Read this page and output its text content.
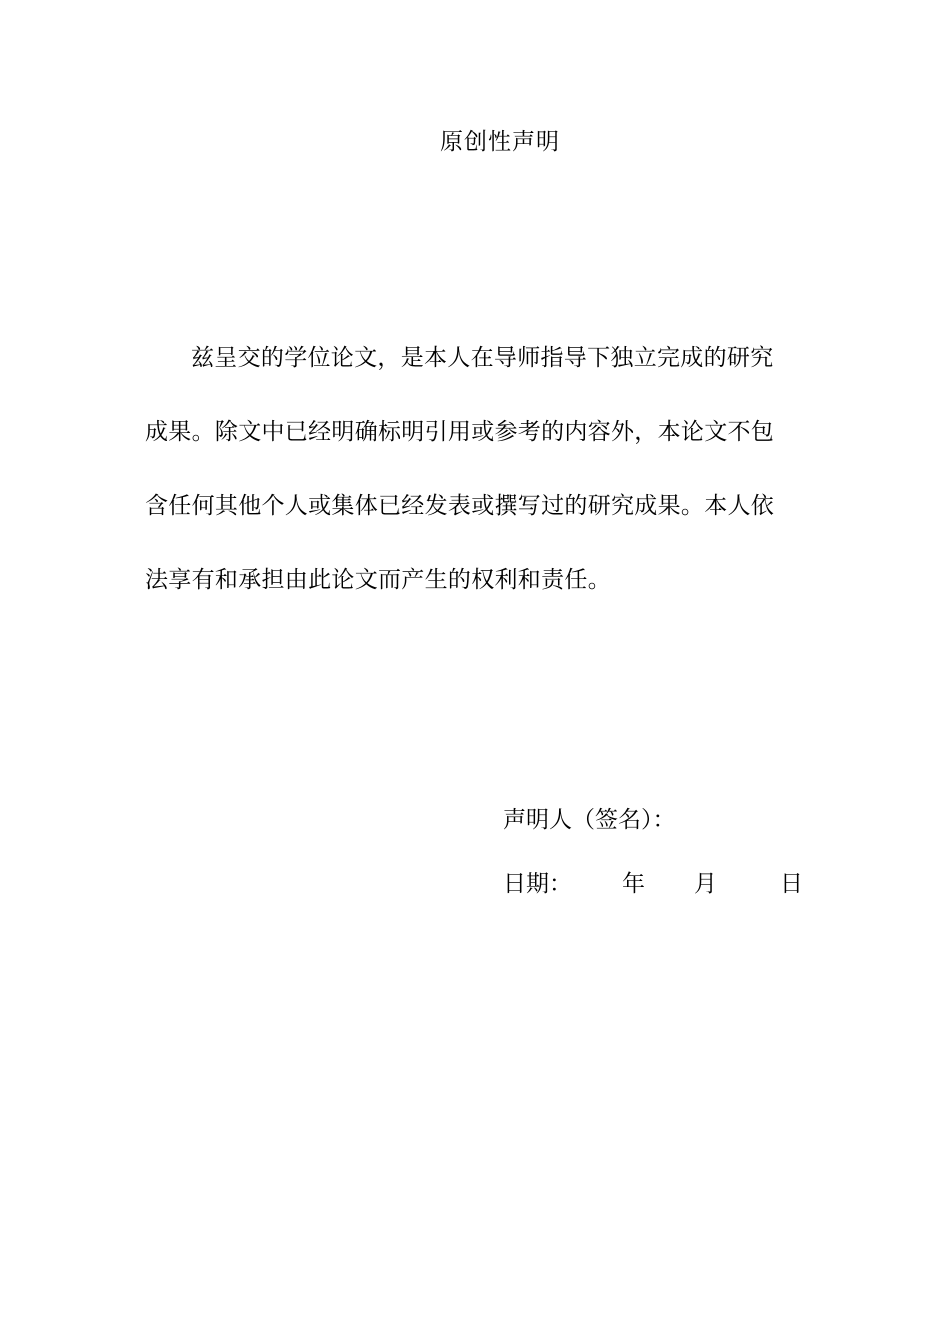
原创性声明
兹呈交的学位论文，是本人在导师指导下独立完成的研究
成果。除文中已经明确标明引用或参考的内容外，本论文不包
含任何其他个人或集体已经发表或撰写过的研究成果。本人依
法享有和承担由此论文而产生的权利和责任。
声明人（签名）：
日期： 年 月	日
